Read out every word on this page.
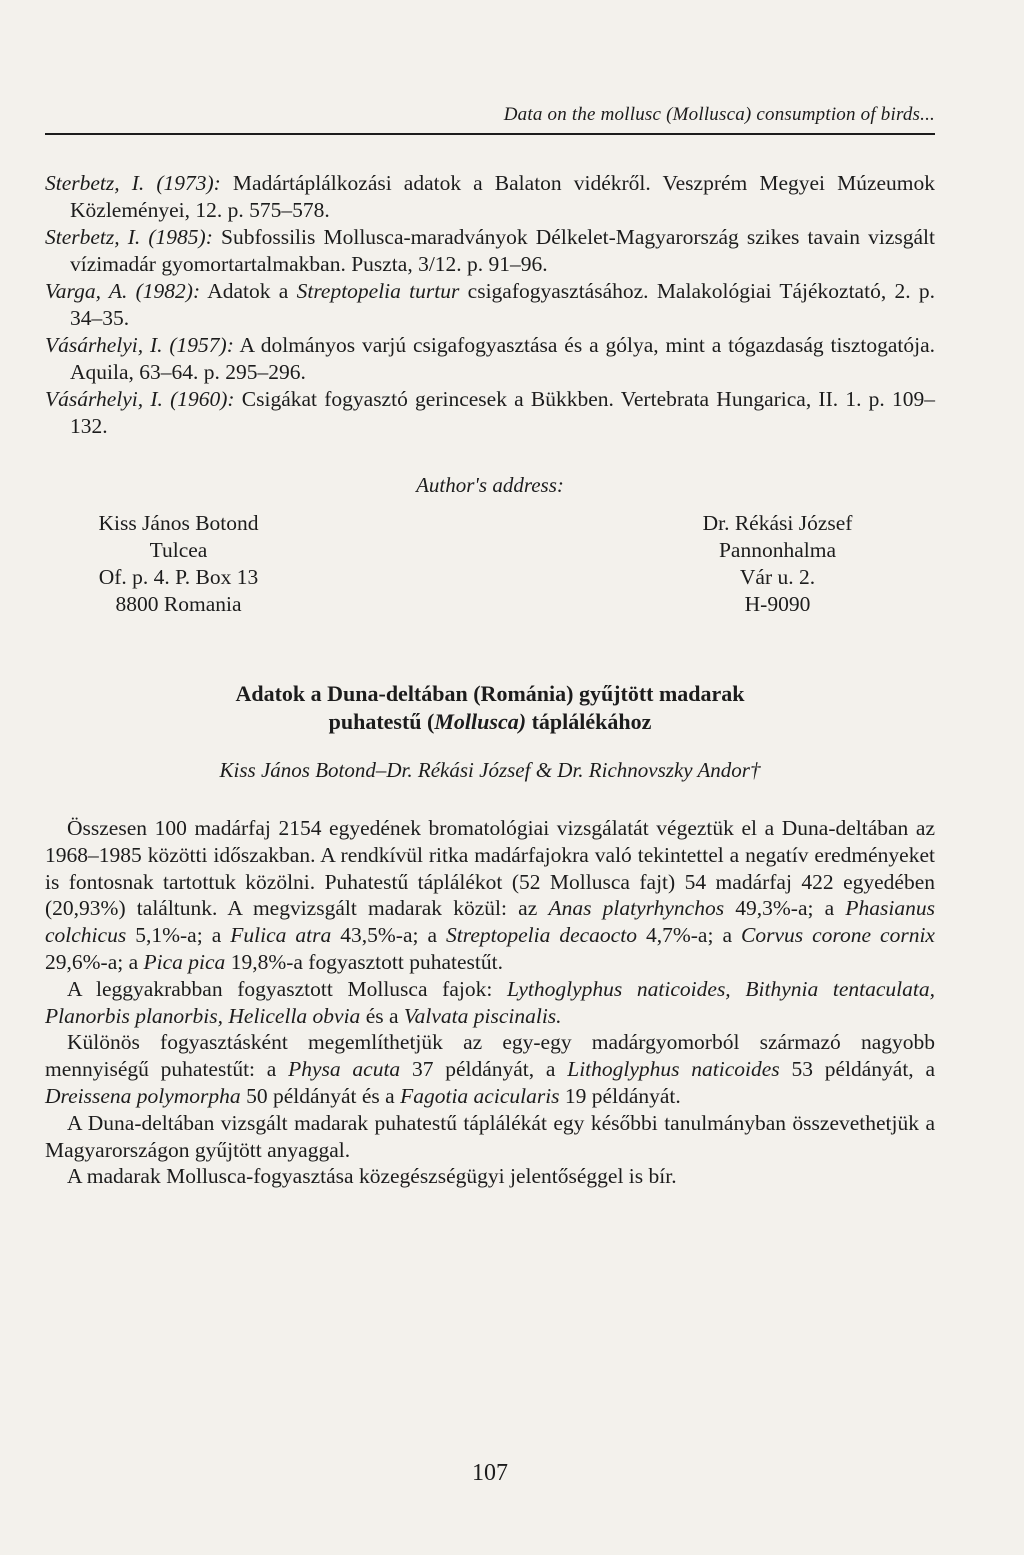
Data on the mollusc (Mollusca) consumption of birds...
Sterbetz, I. (1973): Madártáplálkozási adatok a Balaton vidékről. Veszprém Megyei Múzeumok Közleményei, 12. p. 575–578.
Sterbetz, I. (1985): Subfossilis Mollusca-maradványok Délkelet-Magyarország szikes tavain vizsgált vízimadár gyomortartalmakban. Puszta, 3/12. p. 91–96.
Varga, A. (1982): Adatok a Streptopelia turtur csigafogyasztásához. Malakológiai Tájékoztató, 2. p. 34–35.
Vásárhelyi, I. (1957): A dolmányos varjú csigafogyasztása és a gólya, mint a tógazdaság tisztogatója. Aquila, 63–64. p. 295–296.
Vásárhelyi, I. (1960): Csigákat fogyasztó gerincesek a Bükkben. Vertebrata Hungarica, II. 1. p. 109–132.
Author's address:
Kiss János Botond
Tulcea
Of. p. 4. P. Box 13
8800 Romania
Dr. Rékási József
Pannonhalma
Vár u. 2.
H-9090
Adatok a Duna-deltában (Románia) gyűjtött madarak
puhatestű (Mollusca) táplálékához
Kiss János Botond–Dr. Rékási József & Dr. Richnovszky Andor†

Összesen 100 madárfaj 2154 egyedének bromatológiai vizsgálatát végeztük el a Duna-deltában az 1968–1985 közötti időszakban. A rendkívül ritka madárfajokra való tekintettel a negatív eredményeket is fontosnak tartottuk közölni. Puhatestű táplálékot (52 Mollusca fajt) 54 madárfaj 422 egyedében (20,93%) találtunk. A megvizsgált madarak közül: az Anas platyrhynchos 49,3%-a; a Phasianus colchicus 5,1%-a; a Fulica atra 43,5%-a; a Streptopelia decaocto 4,7%-a; a Corvus corone cornix 29,6%-a; a Pica pica 19,8%-a fogyasztott puhatestűt.

A leggyakrabban fogyasztott Mollusca fajok: Lythoglyphus naticoides, Bithynia tentaculata, Planorbis planorbis, Helicella obvia és a Valvata piscinalis.

Különös fogyasztásként megemlíthetjük az egy-egy madárgyomorból származó nagyobb mennyiségű puhatestűt: a Physa acuta 37 példányát, a Lithoglyphus naticoides 53 példányát, a Dreissena polymorpha 50 példányát és a Fagotia acicularis 19 példányát.

A Duna-deltában vizsgált madarak puhatestű táplálékát egy későbbi tanulmányban összevethetjük a Magyarországon gyűjtött anyaggal.

A madarak Mollusca-fogyasztása közegészségügyi jelentőséggel is bír.

107
